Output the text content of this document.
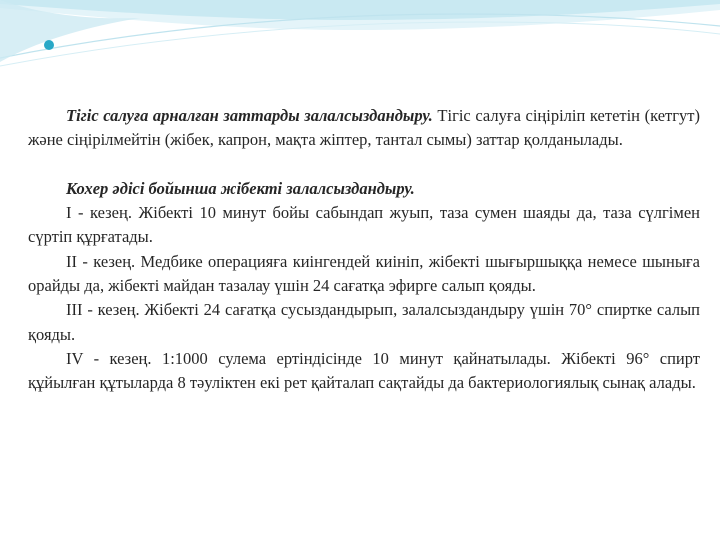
Тігіс салуға арналған заттарды залалсыздандыру. Тігіс салуға сіңіріліп кететін (кетгут) және сіңірілмейтін (жібек, капрон, мақта жіптер, тантал сымы) заттар қолданылады.

Кохер әдісі бойынша жібекті залалсыздандыру.

I - кезең. Жібекті 10 минут бойы сабындап жуып, таза сумен шаяды да, таза сүлгімен сүртіп құрғатады.

II - кезең. Медбике операцияға киінгендей киініп, жібекті шығыршыққа немесе шыныға орайды да, жібекті майдан тазалау үшін 24 сағатқа эфирге салып қояды.

III - кезең. Жібекті 24 сағатқа сусыздандырып, залалсыздандыру үшін 70° спиртке салып қояды.

IV - кезең. 1:1000 сулема ертіндісінде 10 минут қайнатылады. Жібекті 96° спирт құйылған құтыларда 8 тәуліктен екі рет қайталап сақтайды да бактериологиялық сынақ алады.
